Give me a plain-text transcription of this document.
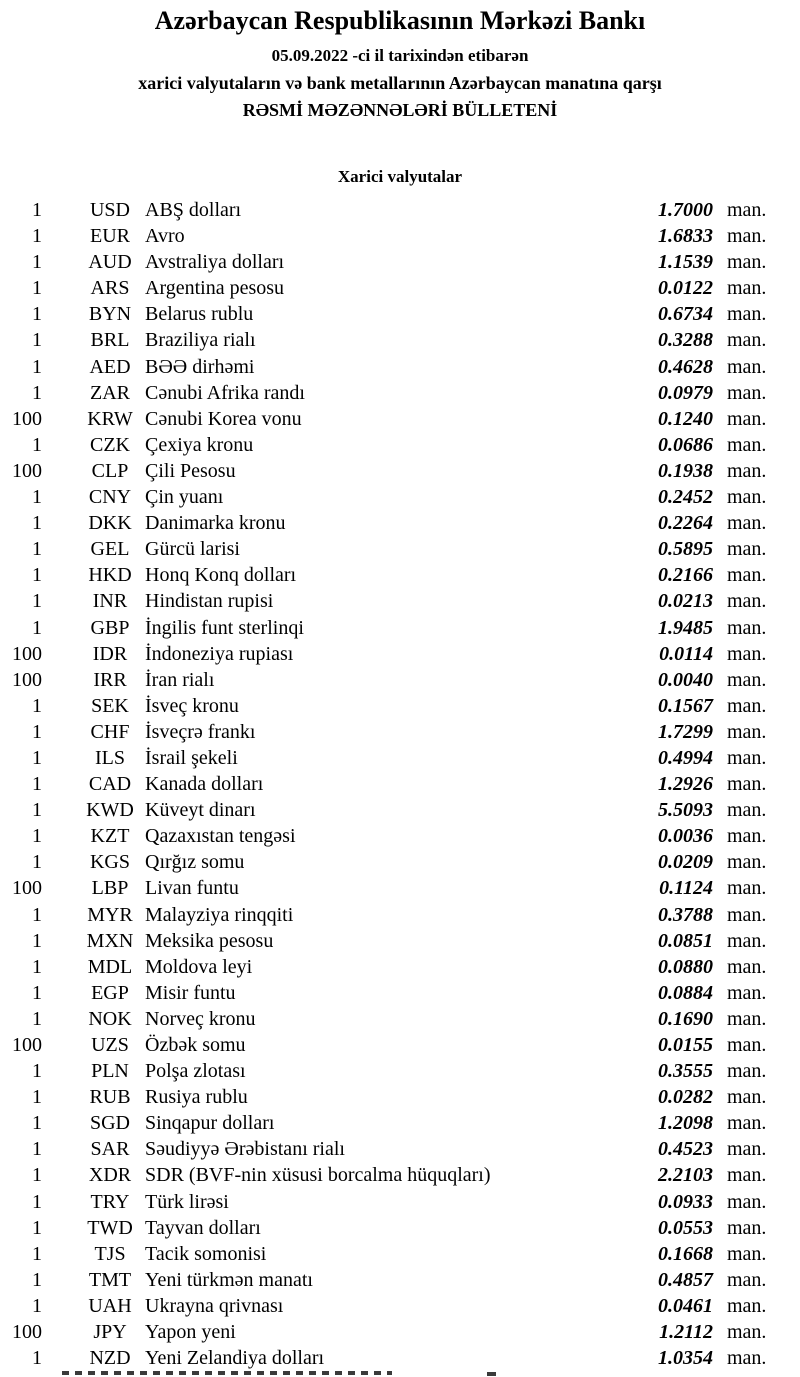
Azərbaycan Respublikasının Mərkəzi Bankı
05.09.2022 -ci il tarixindən etibarən
xarici valyutaların və bank metallarının Azərbaycan manatına qarşı
RƏSMİ MƏZƏNNƏLƏRİ BÜLLETENİ
Xarici valyutalar
1	USD ABŞ dolları	1.7000 man.
1	EUR Avro	1.6833 man.
1	AUD Avstraliya dolları	1.1539 man.
1	ARS Argentina pesosu	0.0122 man.
1	BYN Belarus rublu	0.6734 man.
1	BRL Braziliya rialı	0.3288 man.
1	AED BƏƏ dirhəmi	0.4628 man.
1	ZAR Cənubi Afrika randı	0.0979 man.
100	KRW Cənubi Korea vonu	0.1240 man.
1	CZK Çexiya kronu	0.0686 man.
100	CLP Çili Pesosu	0.1938 man.
1	CNY Çin yuanı	0.2452 man.
1	DKK Danimarka kronu	0.2264 man.
1	GEL Gürcü larisi	0.5895 man.
1	HKD Honq Konq dolları	0.2166 man.
1	INR Hindistan rupisi	0.0213 man.
1	GBP İngilis funt sterlinqi	1.9485 man.
100	IDR İndoneziya rupiası	0.0114 man.
100	IRR İran rialı	0.0040 man.
1	SEK İsveç kronu	0.1567 man.
1	CHF İsveçrə frankı	1.7299 man.
1	ILS	İsrail şekeli	0.4994 man.
1	CAD Kanada dolları	1.2926 man.
1	KWD Küveyt dinarı	5.5093 man.
1	KZT Qazaxıstan tengəsi	0.0036 man.
1	KGS Qırğız somu	0.0209 man.
100	LBP Livan funtu	0.1124 man.
1	MYR Malayziya rinqqiti	0.3788 man.
1	MXN Meksika pesosu	0.0851 man.
1	MDL Moldova leyi	0.0880 man.
1	EGP Misir funtu	0.0884 man.
1	NOK Norveç kronu	0.1690 man.
100	UZS Özbək somu	0.0155 man.
1	PLN Polşa zlotası	0.3555 man.
1	RUB Rusiya rublu	0.0282 man.
1	SGD Sinqapur dolları	1.2098 man.
1	SAR Səudiyyə Ərəbistanı rialı	0.4523 man.
1	XDR SDR (BVF-nin xüsusi borcalma hüquqları)	2.2103 man.
1	TRY Türk lirəsi	0.0933 man.
1	TWD Tayvan dolları	0.0553 man.
1	TJS Tacik somonisi	0.1668 man.
1	TMT Yeni türkmən manatı	0.4857 man.
1	UAH Ukrayna qrivnası	0.0461 man.
100	JPY Yapon yeni	1.2112 man.
1	NZD Yeni Zelandiya dolları	1.0354 man.
